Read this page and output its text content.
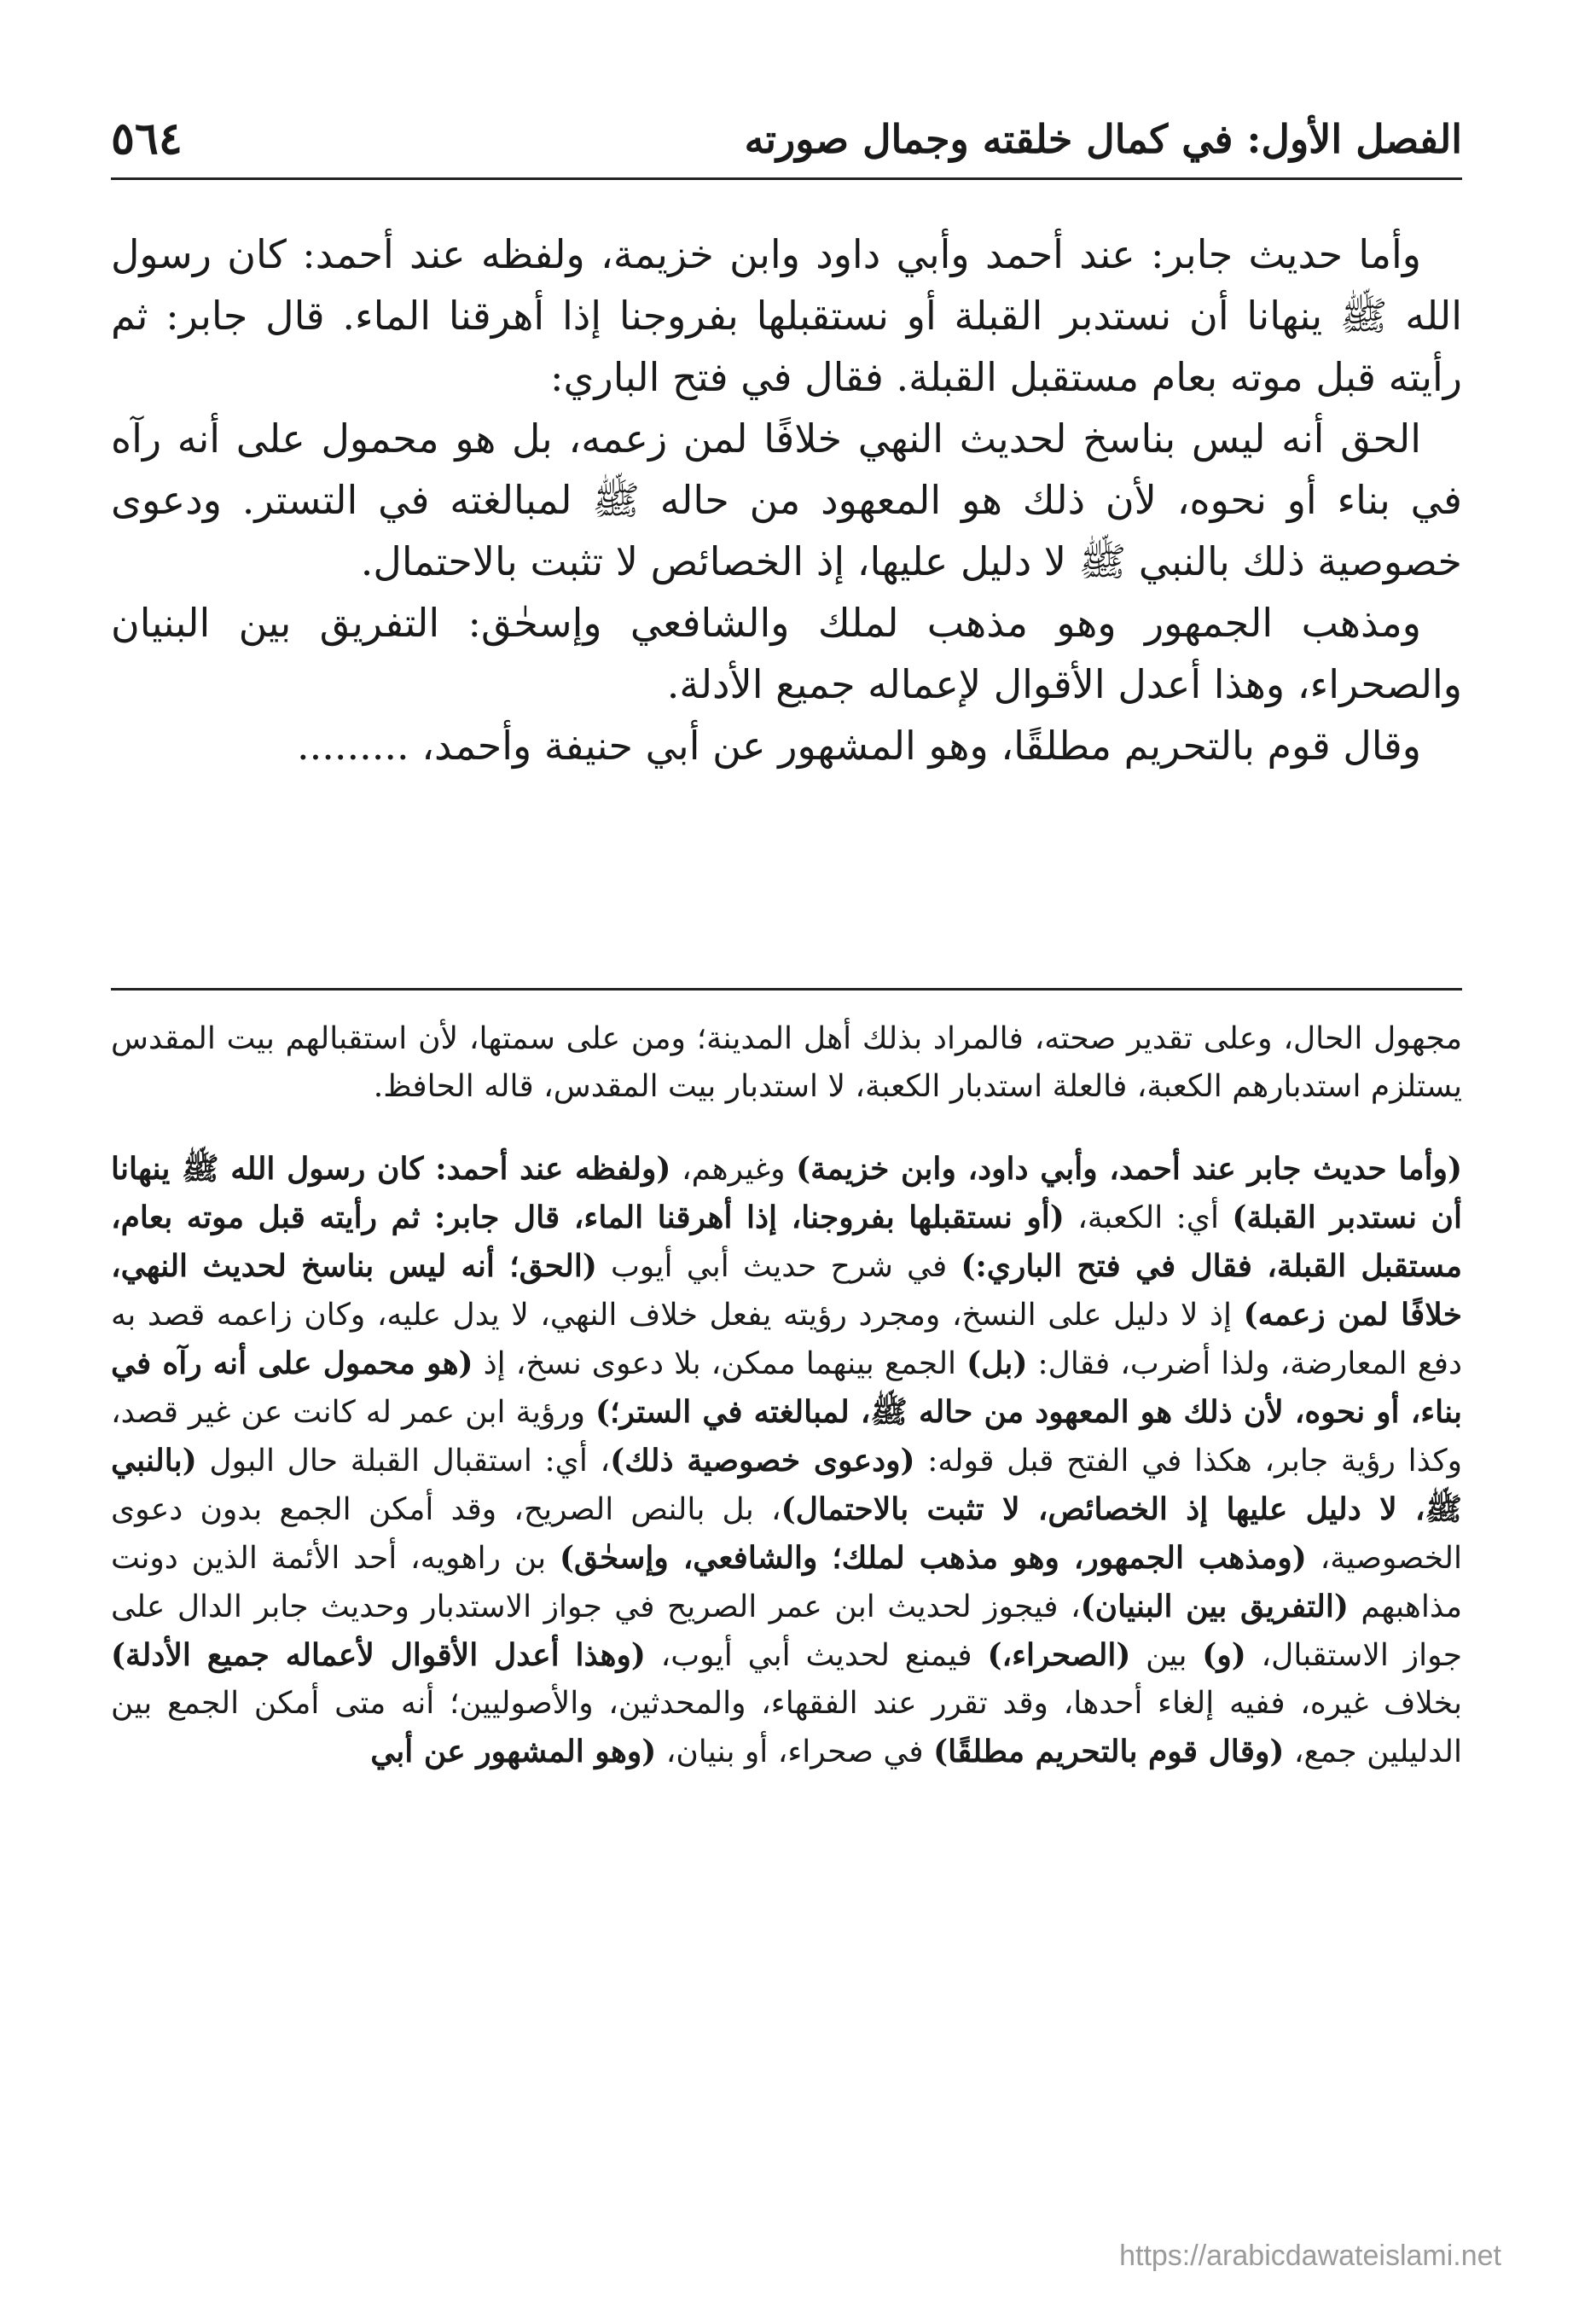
الفصل الأول: في كمال خلقته وجمال صورته
٥٦٤

وأما حديث جابر: عند أحمد وأبي داود وابن خزيمة، ولفظه عند أحمد: كان رسول الله ﷺ ينهانا أن نستدبر القبلة أو نستقبلها بفروجنا إذا أهرقنا الماء. قال جابر: ثم رأيته قبل موته بعام مستقبل القبلة. فقال في فتح الباري:

الحق أنه ليس بناسخ لحديث النهي خلافًا لمن زعمه، بل هو محمول على أنه رآه في بناء أو نحوه، لأن ذلك هو المعهود من حاله ﷺ لمبالغته في التستر. ودعوى خصوصية ذلك بالنبي ﷺ لا دليل عليها، إذ الخصائص لا تثبت بالاحتمال.

ومذهب الجمهور وهو مذهب لملك والشافعي وإسحٰق: التفريق بين البنيان والصحراء، وهذا أعدل الأقوال لإعماله جميع الأدلة.

وقال قوم بالتحريم مطلقًا، وهو المشهور عن أبي حنيفة وأحمد، .........

مجهول الحال، وعلى تقدير صحته، فالمراد بذلك أهل المدينة؛ ومن على سمتها، لأن استقبالهم بيت المقدس يستلزم استدبارهم الكعبة، فالعلة استدبار الكعبة، لا استدبار بيت المقدس، قاله الحافظ.

(وأما حديث جابر عند أحمد، وأبي داود، وابن خزيمة) وغيرهم، (ولفظه عند أحمد: كان رسول الله ﷺ ينهانا أن نستدبر القبلة) أي: الكعبة، (أو نستقبلها بفروجنا، إذا أهرقنا الماء، قال جابر: ثم رأيته قبل موته بعام، مستقبل القبلة، فقال في فتح الباري:) في شرح حديث أبي أيوب (الحق؛ أنه ليس بناسخ لحديث النهي، خلافًا لمن زعمه) إذ لا دليل على النسخ، ومجرد رؤيته يفعل خلاف النهي، لا يدل عليه، وكان زاعمه قصد به دفع المعارضة، ولذا أضرب، فقال: (بل) الجمع بينهما ممكن، بلا دعوى نسخ، إذ (هو محمول على أنه رآه في بناء، أو نحوه، لأن ذلك هو المعهود من حاله ﷺ، لمبالغته في الستر؛) ورؤية ابن عمر له كانت عن غير قصد، وكذا رؤية جابر، هكذا في الفتح قبل قوله: (ودعوى خصوصية ذلك)، أي: استقبال القبلة حال البول (بالنبي ﷺ، لا دليل عليها إذ الخصائص، لا تثبت بالاحتمال)، بل بالنص الصريح، وقد أمكن الجمع بدون دعوى الخصوصية، (ومذهب الجمهور، وهو مذهب لملك؛ والشافعي، وإسحٰق) بن راهويه، أحد الأئمة الذين دونت مذاهبهم (التفريق بين البنيان)، فيجوز لحديث ابن عمر الصريح في جواز الاستدبار وحديث جابر الدال على جواز الاستقبال، (و) بين (الصحراء،) فيمنع لحديث أبي أيوب، (وهذا أعدل الأقوال لأعماله جميع الأدلة) بخلاف غيره، ففيه إلغاء أحدها، وقد تقرر عند الفقهاء، والمحدثين، والأصوليين؛ أنه متى أمكن الجمع بين الدليلين جمع، (وقال قوم بالتحريم مطلقًا) في صحراء، أو بنيان، (وهو المشهور عن أبي

https://arabicdawateislami.net
